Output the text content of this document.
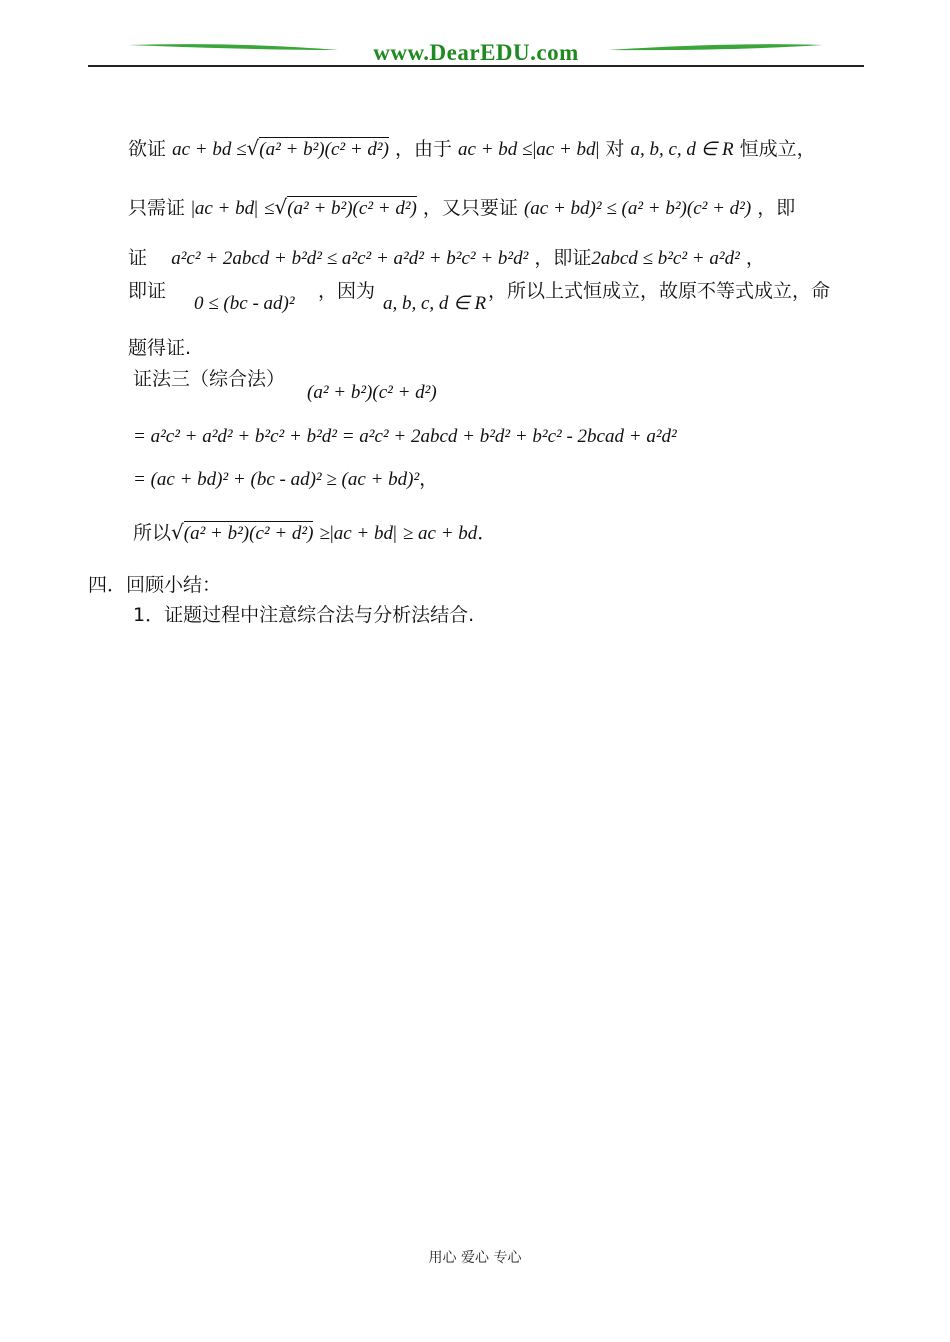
www.DearEDU.com
欲证 ac + bd ≤√(a² + b²)(c² + d²) ，由于 ac + bd ≤|ac + bd| 对 a, b, c, d ∈ R 恒成立，
只需证 |ac + bd| ≤√(a² + b²)(c² + d²) ，又只要证 (ac + bd)² ≤ (a² + b²)(c² + d²) ，即
证 a²c² + 2abcd + b²d² ≤ a²c² + a²d² + b²c² + b²d² ，即证2abcd ≤ b²c² + a²d² ，
即证
0 ≤ (bc - ad)²
，因为
a, b, c, d ∈ R
，所以上式恒成立，故原不等式成立，命
题得证.
证法三（综合法）
(a² + b²)(c² + d²)
= a²c² + a²d² + b²c² + b²d² = a²c² + 2abcd + b²d² + b²c² - 2bcad + a²d²
= (ac + bd)² + (bc - ad)² ≥ (ac + bd)²，
所以√(a² + b²)(c² + d²) ≥|ac + bd| ≥ ac + bd．
四．回顾小结：
1．证题过程中注意综合法与分析法结合.
用心 爱心 专心
